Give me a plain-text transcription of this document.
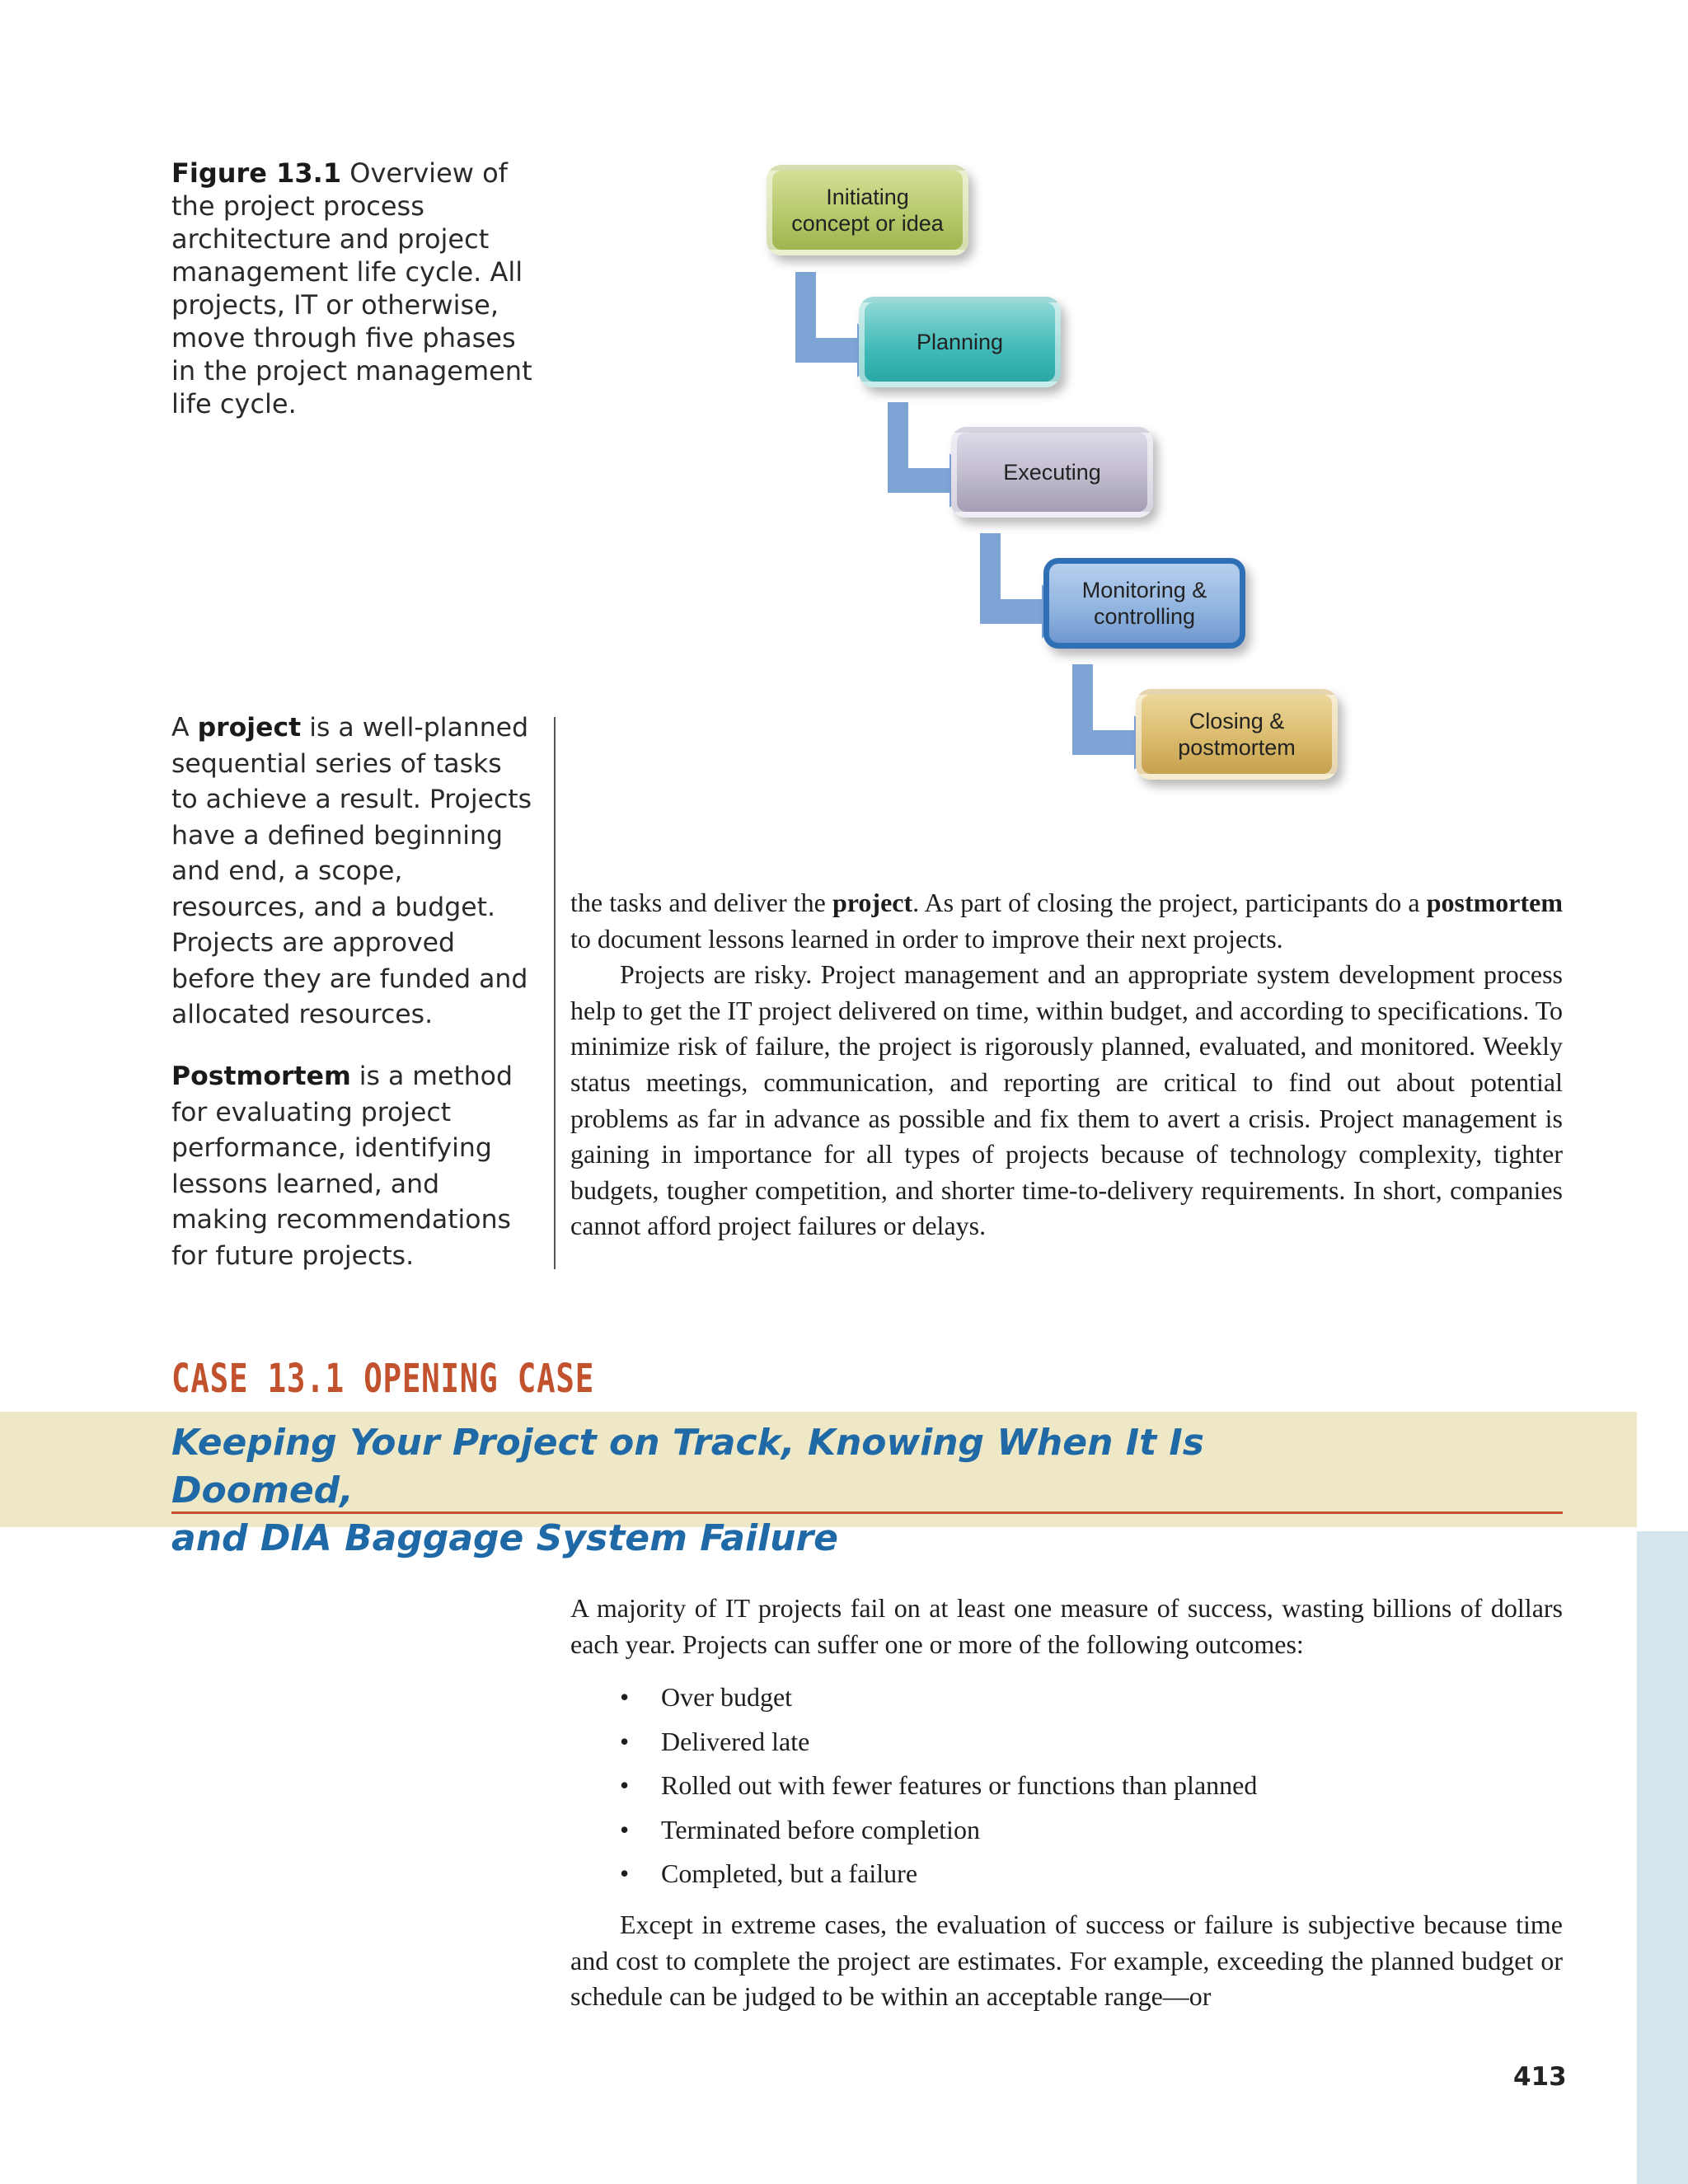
Figure 13.1 Overview of the project process architecture and project management life cycle. All projects, IT or otherwise, move through five phases in the project management life cycle.
Initiating concept or idea
Planning
Executing
Monitoring & controlling
Closing & postmortem
A project is a well-planned sequential series of tasks to achieve a result. Projects have a defined beginning and end, a scope, resources, and a budget. Projects are approved before they are funded and allocated resources.
Postmortem is a method for evaluating project performance, identifying lessons learned, and making recommendations for future projects.

the tasks and deliver the project. As part of closing the project, participants do a postmortem to document lessons learned in order to improve their next projects.

Projects are risky. Project management and an appropriate system development process help to get the IT project delivered on time, within budget, and according to specifications. To minimize risk of failure, the project is rigorously planned, evaluated, and monitored. Weekly status meetings, communication, and reporting are critical to find out about potential problems as far in advance as possible and fix them to avert a crisis. Project management is gaining in importance for all types of projects because of technology complexity, tighter budgets, tougher competition, and shorter time-to-delivery requirements. In short, companies cannot afford project failures or delays.

CASE 13.1 OPENING CASE
Keeping Your Project on Track, Knowing When It Is Doomed,
and DIA Baggage System Failure

A majority of IT projects fail on at least one measure of success, wasting billions of dollars each year. Projects can suffer one or more of the following outcomes:

• Over budget
• Delivered late
• Rolled out with fewer features or functions than planned
• Terminated before completion
• Completed, but a failure

Except in extreme cases, the evaluation of success or failure is subjective because time and cost to complete the project are estimates. For example, exceeding the planned budget or schedule can be judged to be within an acceptable range—or

413
